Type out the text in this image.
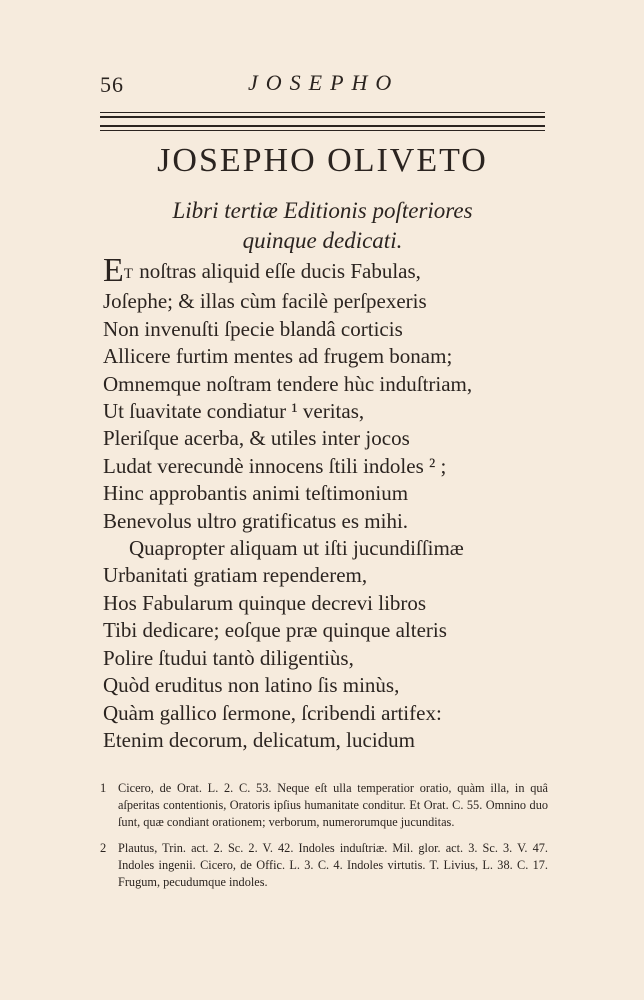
56	JOSEPHO
JOSEPHO OLIVETO
Libri tertiæ Editionis poſteriores
quinque dedicati.
ET noſtras aliquid eſſe ducis Fabulas,
Joſephe; & illas cùm facilè perſpexeris
Non invenuſti ſpecie blandâ corticis
Allicere furtim mentes ad frugem bonam;
Omnemque noſtram tendere hùc induſtriam,
Ut ſuavitate condiatur ¹ veritas,
Pleriſque acerba, & utiles inter jocos
Ludat verecundè innocens ſtili indoles ² ;
Hinc approbantis animi teſtimonium
Benevolus ultro gratificatus es mihi.
Quapropter aliquam ut iſti jucundiſſimæ
Urbanitati gratiam rependerem,
Hos Fabularum quinque decrevi libros
Tibi dedicare; eoſque præ quinque alteris
Polire ſtudui tantò diligentiùs,
Quòd eruditus non latino ſis minùs,
Quàm gallico ſermone, ſcribendi artifex:
Etenim decorum, delicatum, lucidum
1 Cicero, de Orat. L. 2. C. 53. Neque eſt ulla temperatior oratio, quàm illa, in quâ aſperitas contentionis, Oratoris ipſius humanitate conditur. Et Orat. C. 55. Omnino duo ſunt, quæ condiant orationem; verborum, numerorumque jucunditas.
2 Plautus, Trin. act. 2. Sc. 2. V. 42. Indoles induſtriæ. Mil. glor. act. 3. Sc. 3. V. 47. Indoles ingenii. Cicero, de Offic. L. 3. C. 4. Indoles virtutis. T. Livius, L. 38. C. 17. Frugum, pecudumque indoles.
